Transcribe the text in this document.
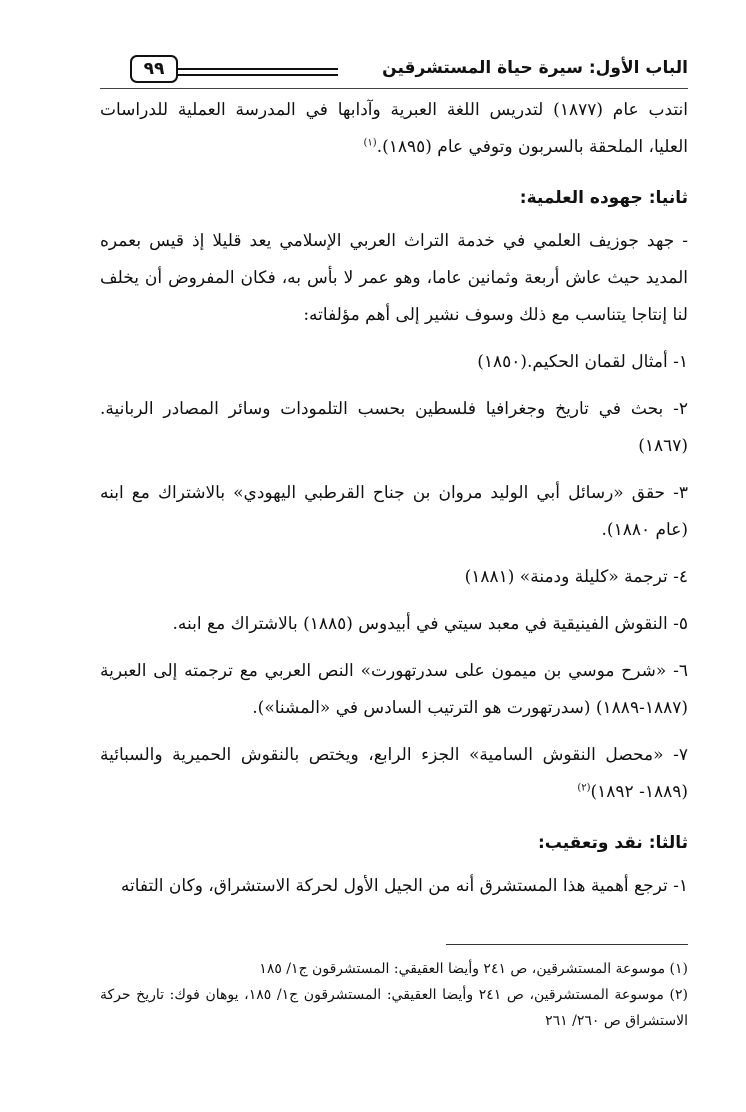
٩٩	الباب الأول: سيرة حياة المستشرقين

انتدب عام (١٨٧٧) لتدريس اللغة العبرية وآدابها في المدرسة العملية للدراسات العليا، الملحقة بالسربون وتوفي عام (١٨٩٥).$^{(١)}$

ثانيا: جهوده العلمية:

- جهد جوزيف العلمي في خدمة التراث العربي الإسلامي يعد قليلا إذ قيس بعمره المديد حيث عاش أربعة وثمانين عاما، وهو عمر لا بأس به، فكان المفروض أن يخلف لنا إنتاجا يتناسب مع ذلك وسوف نشير إلى أهم مؤلفاته:

١- أمثال لقمان الحكيم.(١٨٥٠)

٢- بحث في تاريخ وجغرافيا فلسطين بحسب التلمودات وسائر المصادر الربانية.(١٨٦٧)

٣- حقق «رسائل أبي الوليد مروان بن جناح القرطبي اليهودي» بالاشتراك مع ابنه (عام ١٨٨٠).

٤- ترجمة «كليلة ودمنة» (١٨٨١)

٥- النقوش الفينيقية في معبد سيتي في أبيدوس (١٨٨٥) بالاشتراك مع ابنه.

٦- «شرح موسي بن ميمون على سدرتهورت» النص العربي مع ترجمته إلى العبرية (١٨٨٧-١٨٨٩) (سدرتهورت هو الترتيب السادس في «المشنا»).

٧- «محصل النقوش السامية» الجزء الرابع، ويختص بالنقوش الحميرية والسبائية (١٨٨٩- ١٨٩٢)$^{(٢)}$

ثالثا: نقد وتعقيب:

١- ترجع أهمية هذا المستشرق أنه من الجيل الأول لحركة الاستشراق، وكان التفاته

(١) موسوعة المستشرقين، ص ٢٤١ وأيضا العقيقي: المستشرقون ج١/ ١٨٥

(٢) موسوعة المستشرقين، ص ٢٤١ وأيضا العقيقي: المستشرقون ج١/ ١٨٥، يوهان فوك: تاريخ حركة الاستشراق ص ٢٦٠/ ٢٦١
